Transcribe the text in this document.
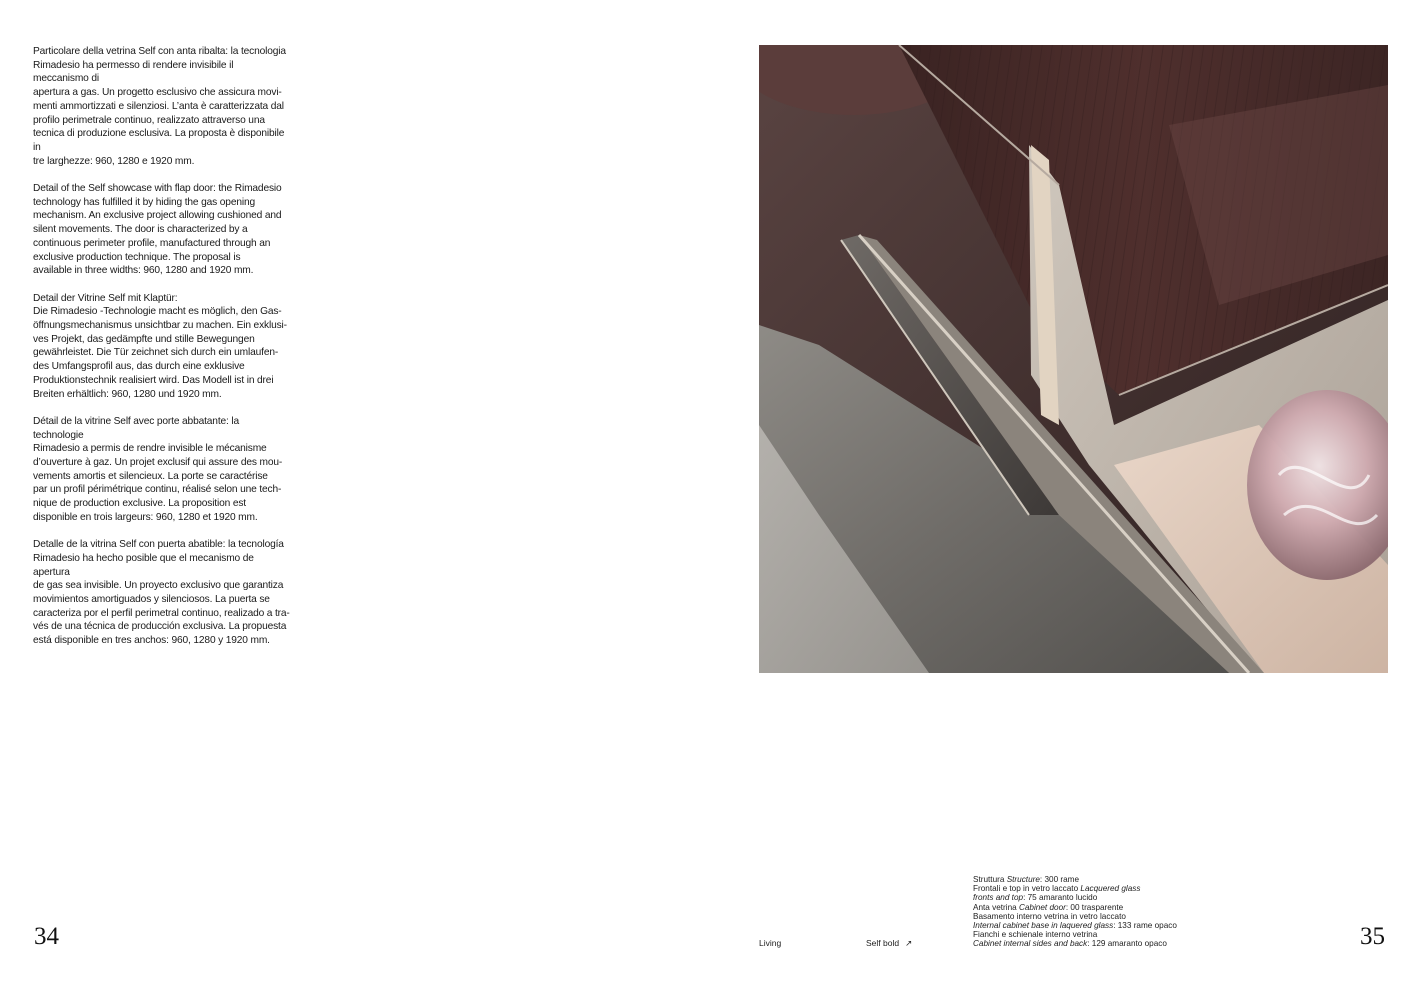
Particolare della vetrina Self con anta ribalta: la tecnologia
Rimadesio ha permesso di rendere invisibile il meccanismo di
apertura a gas. Un progetto esclusivo che assicura movi-
menti ammortizzati e silenziosi. L’anta è caratterizzata dal
profilo perimetrale continuo, realizzato attraverso una
tecnica di produzione esclusiva. La proposta è disponibile in
tre larghezze: 960, 1280 e 1920 mm.

Detail of the Self showcase with flap door: the Rimadesio
technology has fulfilled it by hiding the gas opening
mechanism. An exclusive project allowing cushioned and
silent movements. The door is characterized by a
continuous perimeter profile, manufactured through an
exclusive production technique. The proposal is
available in three widths: 960, 1280 and 1920 mm.

Detail der Vitrine Self mit Klaptür:
Die Rimadesio -Technologie macht es möglich, den Gas-
öffnungsmechanismus unsichtbar zu machen. Ein exklusi-
ves Projekt, das gedämpfte und stille Bewegungen
gewährleistet. Die Tür zeichnet sich durch ein umlaufen-
des Umfangsprofil aus, das durch eine exklusive
Produktionstechnik realisiert wird. Das Modell ist in drei
Breiten erhältlich: 960, 1280 und 1920 mm.

Détail de la vitrine Self avec porte abbatante: la technologie
Rimadesio a permis de rendre invisible le mécanisme
d’ouverture à gaz. Un projet exclusif qui assure des mou-
vements amortis et silencieux. La porte se caractérise
par un profil périmétrique continu, réalisé selon une tech-
nique de production exclusive. La proposition est
disponible en trois largeurs: 960, 1280 et 1920 mm.

Detalle de la vitrina Self con puerta abatible: la tecnología
Rimadesio ha hecho posible que el mecanismo de apertura
de gas sea invisible. Un proyecto exclusivo que garantiza
movimientos amortiguados y silenciosos. La puerta se
caracteriza por el perfil perimetral continuo, realizado a tra-
vés de una técnica de producción exclusiva. La propuesta
está disponible en tres anchos: 960, 1280 y 1920 mm.

34	Living	Self bold ↗
Struttura Structure: 300 rame
Frontali e top in vetro laccato Lacquered glass
fronts and top: 75 amaranto lucido
Anta vetrina Cabinet door: 00 trasparente
Basamento interno vetrina in vetro laccato
Internal cabinet base in laquered glass: 133 rame opaco
Fianchi e schienale interno vetrina
Cabinet internal sides and back: 129 amaranto opaco	35
